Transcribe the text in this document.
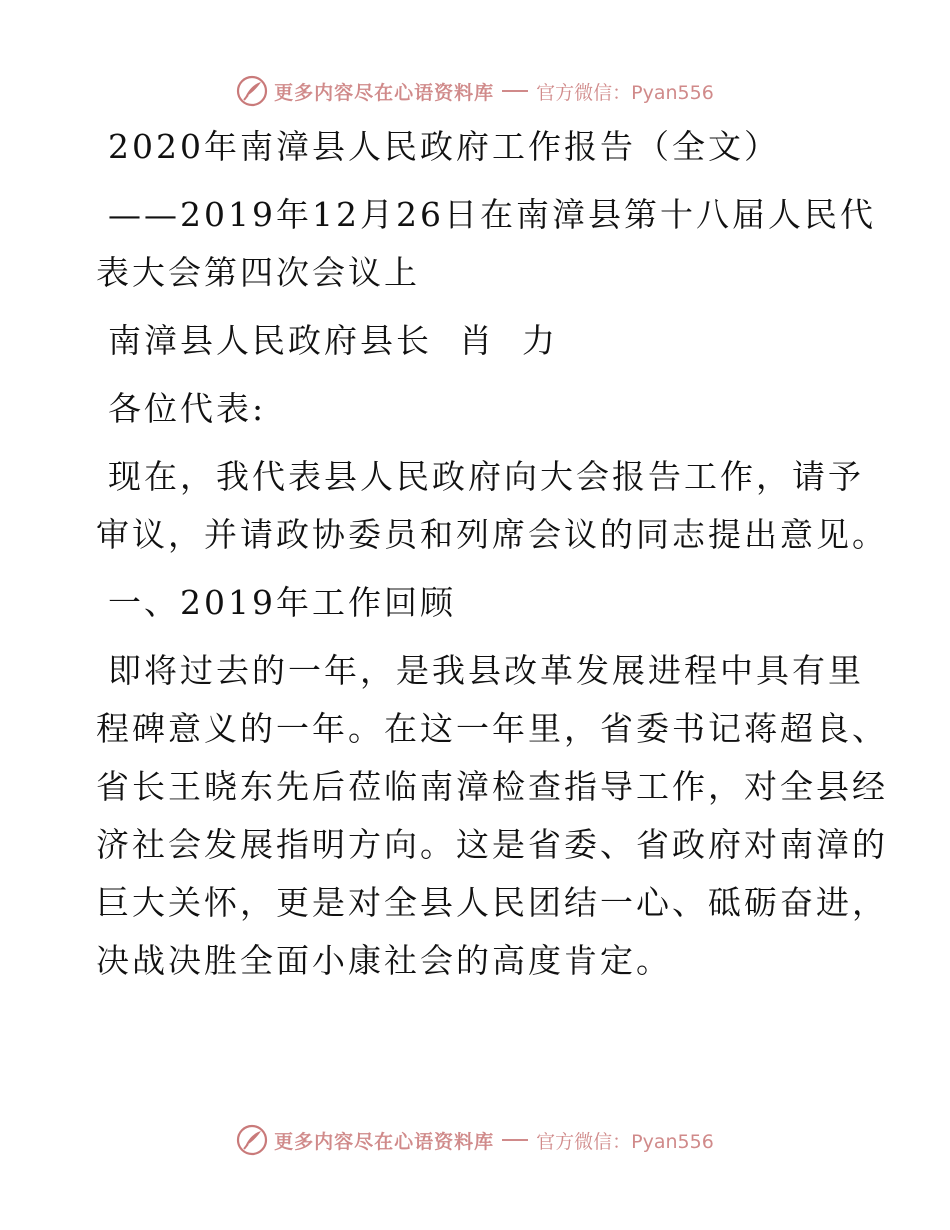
更多内容尽在心语资料库 官方微信：Pyan556

2020年南漳县人民政府工作报告（全文）

——2019年12月26日在南漳县第十八届人民代

表大会第四次会议上

南漳县人民政府县长  肖  力

各位代表:

现在，我代表县人民政府向大会报告工作，请予

审议，并请政协委员和列席会议的同志提出意见。

一、2019年工作回顾

即将过去的一年，是我县改革发展进程中具有里

程碑意义的一年。在这一年里，省委书记蒋超良、

省长王晓东先后莅临南漳检查指导工作，对全县经

济社会发展指明方向。这是省委、省政府对南漳的

巨大关怀，更是对全县人民团结一心、砥砺奋进，

决战决胜全面小康社会的高度肯定。

更多内容尽在心语资料库 官方微信：Pyan556
